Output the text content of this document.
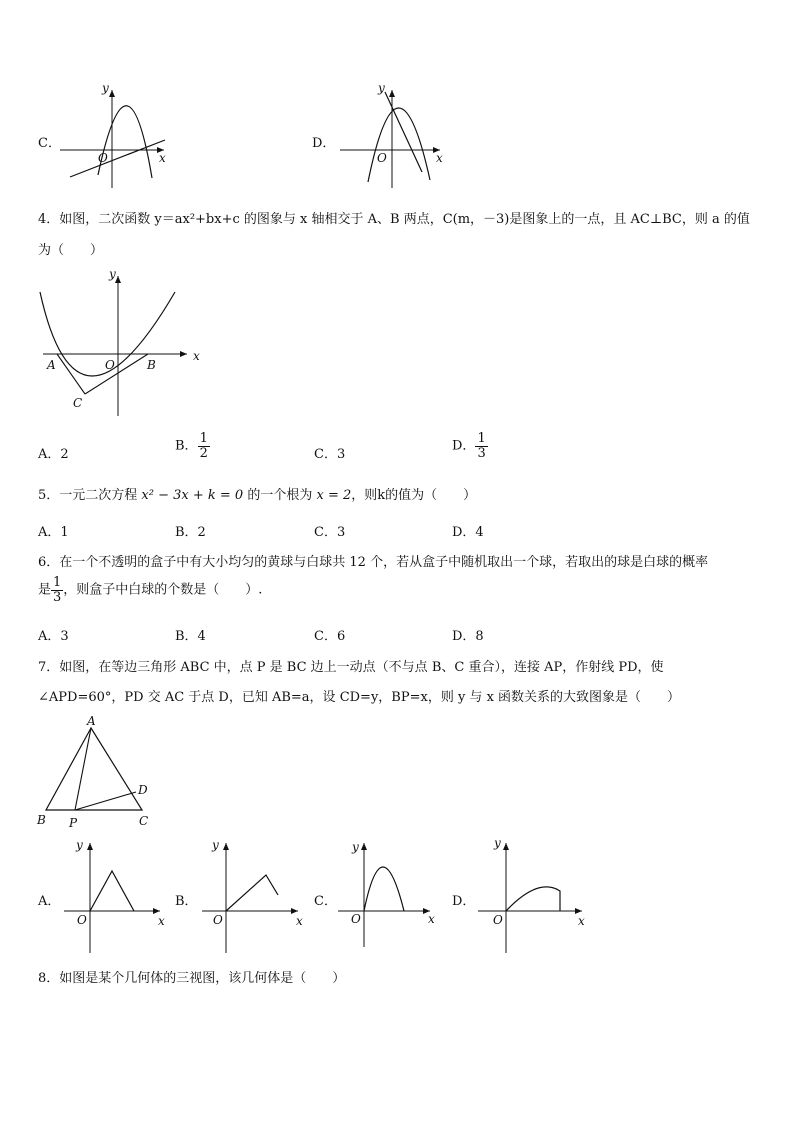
C．
y
x
O
D．
y
x
O
4．如图，二次函数 y＝ax²+bx+c 的图象与 x 轴相交于 A、B 两点，C(m，－3)是图象上的一点，且 AC⊥BC，则 a 的值
为（　　）
y
x
O
A	B
C
A．2
B． $\frac{1}{2}$	C．3
D． $\frac{1}{3}$
5．一元二次方程 x² − 3x + k = 0 的一个根为 x = 2，则k的值为（　　）
A．1	B．2	C．3	D．4
6．在一个不透明的盒子中有大小均匀的黄球与白球共 12 个，若从盒子中随机取出一个球，若取出的球是白球的概率
是 $\frac{1}{3}$ ，则盒子中白球的个数是（　　）.
A．3	B．4	C．6	D．8
7．如图，在等边三角形 ABC 中，点 P 是 BC 边上一动点（不与点 B、C 重合），连接 AP，作射线 PD，使
∠APD=60°，PD 交 AC 于点 D，已知 AB=a，设 CD=y，BP=x，则 y 与 x 函数关系的大致图象是（　　）
A
B	C
D
P
A．
y
x
O
B．
y
x
O
C．
y
x
O
D．
y
x
O
8．如图是某个几何体的三视图，该几何体是（　　）
